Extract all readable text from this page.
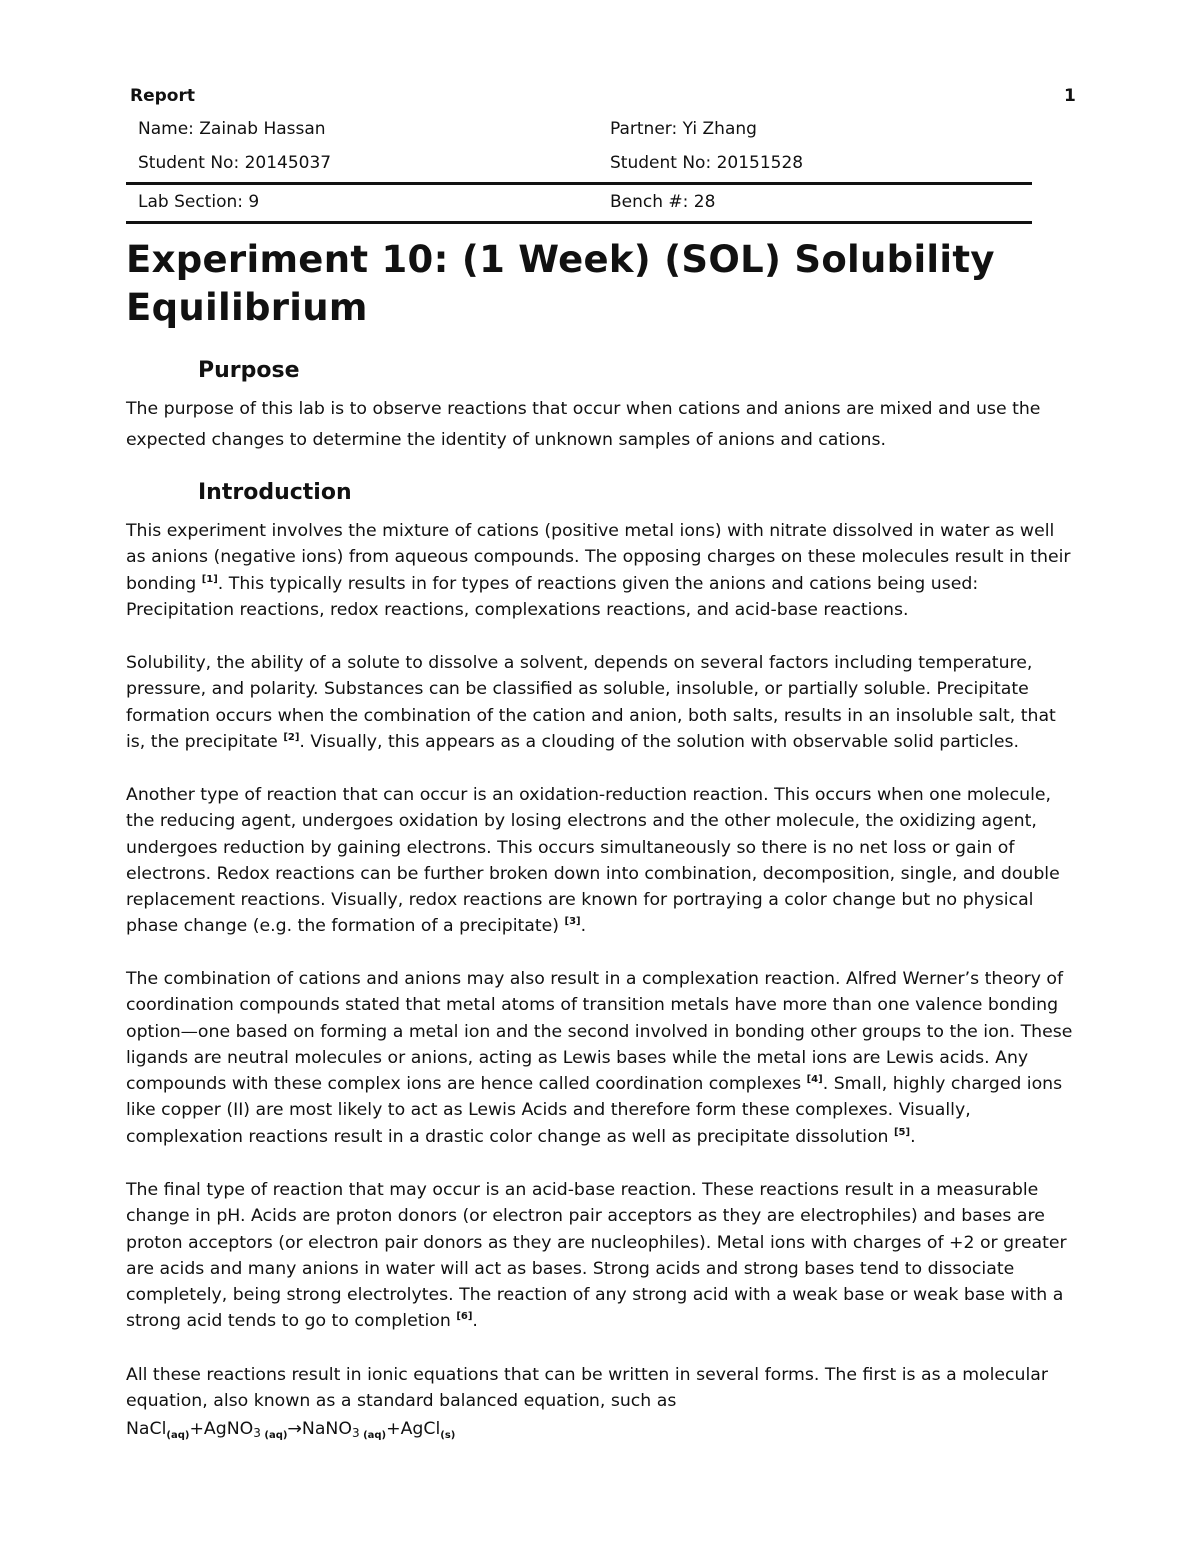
Report	1
Name: Zainab Hassan	Partner: Yi Zhang
Student No: 20145037	Student No: 20151528
Lab Section: 9	Bench #: 28
Experiment 10: (1 Week) (SOL) Solubility Equilibrium
Purpose

The purpose of this lab is to observe reactions that occur when cations and anions are mixed and use the expected changes to determine the identity of unknown samples of anions and cations.

Introduction

This experiment involves the mixture of cations (positive metal ions) with nitrate dissolved in water as well as anions (negative ions) from aqueous compounds. The opposing charges on these molecules result in their bonding [1]. This typically results in for types of reactions given the anions and cations being used: Precipitation reactions, redox reactions, complexations reactions, and acid-base reactions.

Solubility, the ability of a solute to dissolve a solvent, depends on several factors including temperature, pressure, and polarity. Substances can be classified as soluble, insoluble, or partially soluble. Precipitate formation occurs when the combination of the cation and anion, both salts, results in an insoluble salt, that is, the precipitate [2]. Visually, this appears as a clouding of the solution with observable solid particles.

Another type of reaction that can occur is an oxidation-reduction reaction. This occurs when one molecule, the reducing agent, undergoes oxidation by losing electrons and the other molecule, the oxidizing agent, undergoes reduction by gaining electrons. This occurs simultaneously so there is no net loss or gain of electrons. Redox reactions can be further broken down into combination, decomposition, single, and double replacement reactions. Visually, redox reactions are known for portraying a color change but no physical phase change (e.g. the formation of a precipitate) [3].

The combination of cations and anions may also result in a complexation reaction. Alfred Werner’s theory of coordination compounds stated that metal atoms of transition metals have more than one valence bonding option—one based on forming a metal ion and the second involved in bonding other groups to the ion. These ligands are neutral molecules or anions, acting as Lewis bases while the metal ions are Lewis acids. Any compounds with these complex ions are hence called coordination complexes [4]. Small, highly charged ions like copper (II) are most likely to act as Lewis Acids and therefore form these complexes. Visually, complexation reactions result in a drastic color change as well as precipitate dissolution [5].

The final type of reaction that may occur is an acid-base reaction. These reactions result in a measurable change in pH. Acids are proton donors (or electron pair acceptors as they are electrophiles) and bases are proton acceptors (or electron pair donors as they are nucleophiles). Metal ions with charges of +2 or greater are acids and many anions in water will act as bases. Strong acids and strong bases tend to dissociate completely, being strong electrolytes. The reaction of any strong acid with a weak base or weak base with a strong acid tends to go to completion [6].

All these reactions result in ionic equations that can be written in several forms. The first is as a molecular equation, also known as a standard balanced equation, such as

NaCl$_{(aq)}$+AgNO$_3$ $_{(aq)}$→NaNO$_3$ $_{(aq)}$+AgCl$_{(s)}$
